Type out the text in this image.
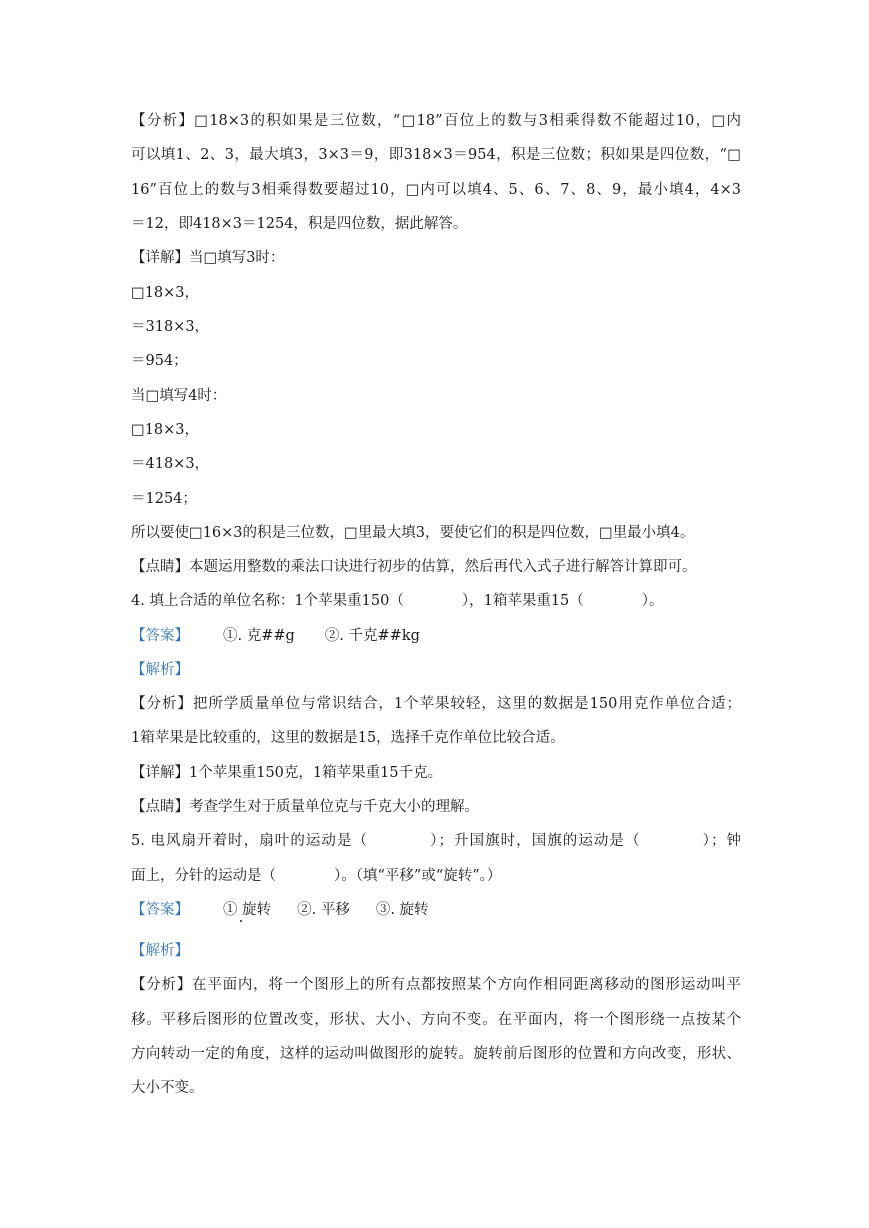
【分析】□18×3的积如果是三位数，“□18”百位上的数与3相乘得数不能超过10，□内
可以填1、2、3，最大填3，3×3＝9，即318×3＝954，积是三位数；积如果是四位数，“□
16”百位上的数与3相乘得数要超过10，□内可以填4、5、6、7、8、9，最小填4，4×3
＝12，即418×3＝1254，积是四位数，据此解答。
【详解】当□填写3时：
□18×3，
＝318×3，
＝954；
当□填写4时：
□18×3，
＝418×3，
＝1254；
所以要使□16×3的积是三位数，□里最大填3，要使它们的积是四位数，□里最小填4。
【点睛】本题运用整数的乘法口诀进行初步的估算，然后再代入式子进行解答计算即可。
4. 填上合适的单位名称：1个苹果重150（　　　　），1箱苹果重15（　　　　）。
【答案】 ①. 克##g ②. 千克##kg
【解析】
【分析】把所学质量单位与常识结合，1个苹果较轻，这里的数据是150用克作单位合适；
1箱苹果是比较重的，这里的数据是15，选择千克作单位比较合适。
【详解】1个苹果重150克，1箱苹果重15千克。
【点睛】考查学生对于质量单位克与千克大小的理解。
5. 电风扇开着时，扇叶的运动是（　　　　）；升国旗时，国旗的运动是（　　　　）；钟
面上，分针的运动是（　　　　）。（填“平移”或“旋转”。）
【答案】 ① 旋转 ②. 平移 ③. 旋转
【解析】
【分析】在平面内，将一个图形上的所有点都按照某个方向作相同距离移动的图形运动叫平
移。平移后图形的位置改变，形状、大小、方向不变。在平面内，将一个图形绕一点按某个
方向转动一定的角度，这样的运动叫做图形的旋转。旋转前后图形的位置和方向改变，形状、
大小不变。
